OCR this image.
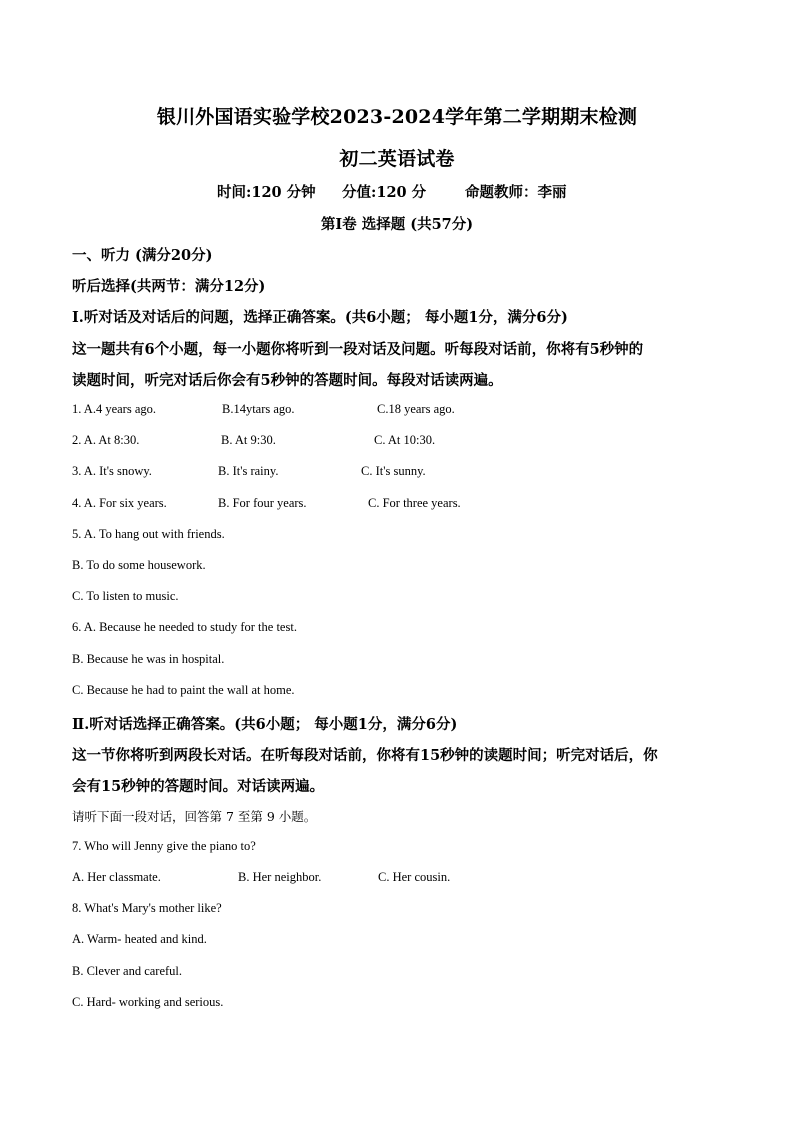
银川外国语实验学校2023-2024学年第二学期期末检测
初二英语试卷
时间:120 分钟 分值:120 分	命题教师：李丽
第Ⅰ卷 选择题 (共57分)
一、听力 (满分20分)
听后选择(共两节：满分12分)
Ⅰ.听对话及对话后的问题，选择正确答案。(共6小题； 每小题1分，满分6分)
这一题共有6个小题，每一小题你将听到一段对话及问题。听每段对话前，你将有5秒钟的
读题时间，听完对话后你会有5秒钟的答题时间。每段对话读两遍。
1. A.4 years ago.	B.14ytars ago.	C.18 years ago.
2. A. At 8:30.	B. At 9:30.	C. At 10:30.
3. A. It's snowy.	B. It's rainy.	C. It's sunny.
4. A. For six years.	B. For four years.	C. For three years.
5. A. To hang out with friends.
B. To do some housework.
C. To listen to music.
6. A. Because he needed to study for the test.
B. Because he was in hospital.
C. Because he had to paint the wall at home.
Ⅱ.听对话选择正确答案。(共6小题； 每小题1分，满分6分)
这一节你将听到两段长对话。在听每段对话前，你将有15秒钟的读题时间；听完对话后，你
会有15秒钟的答题时间。对话读两遍。
请听下面一段对话，回答第 7 至第 9 小题。
7. Who will Jenny give the piano to?
A. Her classmate.	B. Her neighbor.	C. Her cousin.
8. What's Mary's mother like?
A. Warm- heated and kind.
B. Clever and careful.
C. Hard- working and serious.
